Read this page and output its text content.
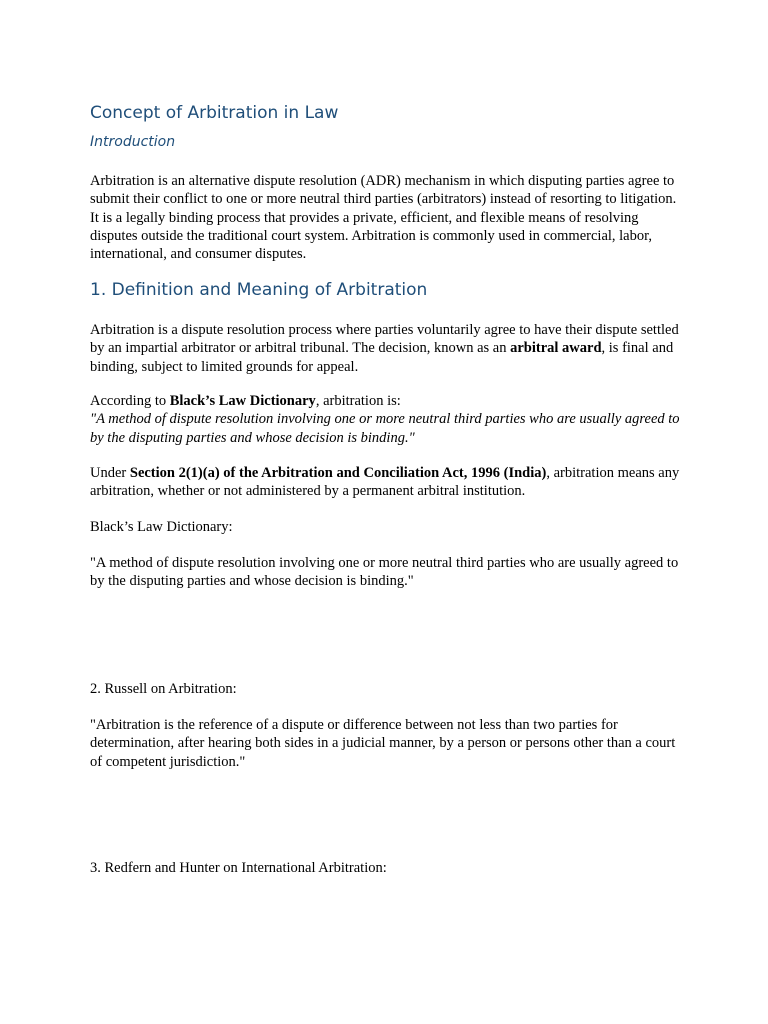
Concept of Arbitration in Law
Introduction

Arbitration is an alternative dispute resolution (ADR) mechanism in which disputing parties agree to submit their conflict to one or more neutral third parties (arbitrators) instead of resorting to litigation. It is a legally binding process that provides a private, efficient, and flexible means of resolving disputes outside the traditional court system. Arbitration is commonly used in commercial, labor, international, and consumer disputes.

1. Definition and Meaning of Arbitration

Arbitration is a dispute resolution process where parties voluntarily agree to have their dispute settled by an impartial arbitrator or arbitral tribunal. The decision, known as an arbitral award, is final and binding, subject to limited grounds for appeal.

According to Black’s Law Dictionary, arbitration is:
"A method of dispute resolution involving one or more neutral third parties who are usually agreed to by the disputing parties and whose decision is binding."

Under Section 2(1)(a) of the Arbitration and Conciliation Act, 1996 (India), arbitration means any arbitration, whether or not administered by a permanent arbitral institution.

Black’s Law Dictionary:

"A method of dispute resolution involving one or more neutral third parties who are usually agreed to by the disputing parties and whose decision is binding."

2. Russell on Arbitration:

"Arbitration is the reference of a dispute or difference between not less than two parties for determination, after hearing both sides in a judicial manner, by a person or persons other than a court of competent jurisdiction."

3. Redfern and Hunter on International Arbitration:
